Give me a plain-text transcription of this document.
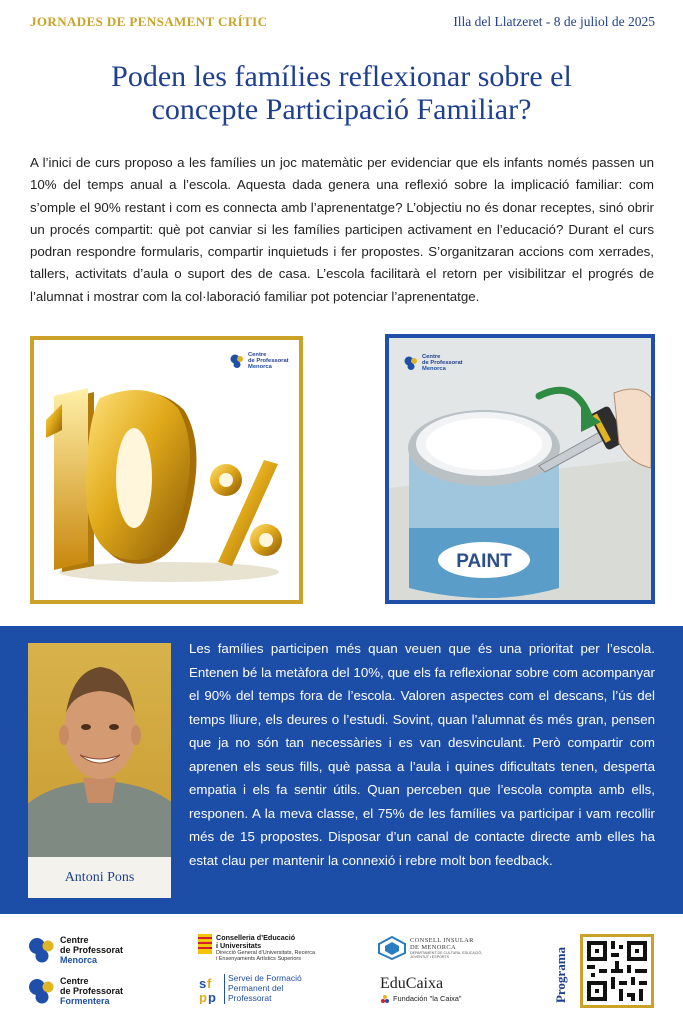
JORNADES DE PENSAMENT CRÍTIC	Illa del Llatzeret - 8 de juliol de 2025
Poden les famílies reflexionar sobre el
concepte Participació Familiar?
A l’inici de curs proposo a les famílies un joc matemàtic per evidenciar que els infants només passen un 10% del temps anual a l’escola. Aquesta dada genera una reflexió sobre la implicació familiar: com s’omple el 90% restant i com es connecta amb l’aprenentatge? L’objectiu no és donar receptes, sinó obrir un procés compartit: què pot canviar si les famílies participen activament en l’educació? Durant el curs podran respondre formularis, compartir inquietuds i fer propostes. S’organitzaran accions com xerrades, tallers, activitats d’aula o suport des de casa. L’escola facilitarà el retorn per visibilitzar el progrés de l’alumnat i mostrar com la col·laboració familiar pot potenciar l’aprenentatge.
Centre
de Professorat
Menorca
PAINT
Centre
de Professorat
Menorca
Antoni Pons
Les famílies participen més quan veuen que és una prioritat per l’escola. Entenen bé la metàfora del 10%, que els fa reflexionar sobre com acompanyar el 90% del temps fora de l’escola. Valoren aspectes com el descans, l’ús del temps lliure, els deures o l’estudi. Sovint, quan l’alumnat és més gran, pensen que ja no són tan necessàries i es van desvinculant. Però compartir com aprenen els seus fills, què passa a l’aula i quines dificultats tenen, desperta empatia i els fa sentir útils. Quan perceben que l’escola compta amb ells, responen. A la meva classe, el 75% de les famílies va participar i vam recollir més de 15 propostes. Disposar d’un canal de contacte directe amb elles ha estat clau per mantenir la connexió i rebre molt bon feedback.
Centre
de Professorat
Menorca
Centre
de Professorat
Formentera
Conselleria d’Educació
i Universitats
Direcció General d’Universitats, Recerca
i Ensenyaments Artístics Superiors
s f
p p
Servei de Formació
Permanent del
Professorat
CONSELL INSULAR
DE MENORCA
DEPARTAMENT DE CULTURA, EDUCACIÓ,
JOVENTUT I ESPORTS
EduCaixa
Fundación "la Caixa"	Programa
